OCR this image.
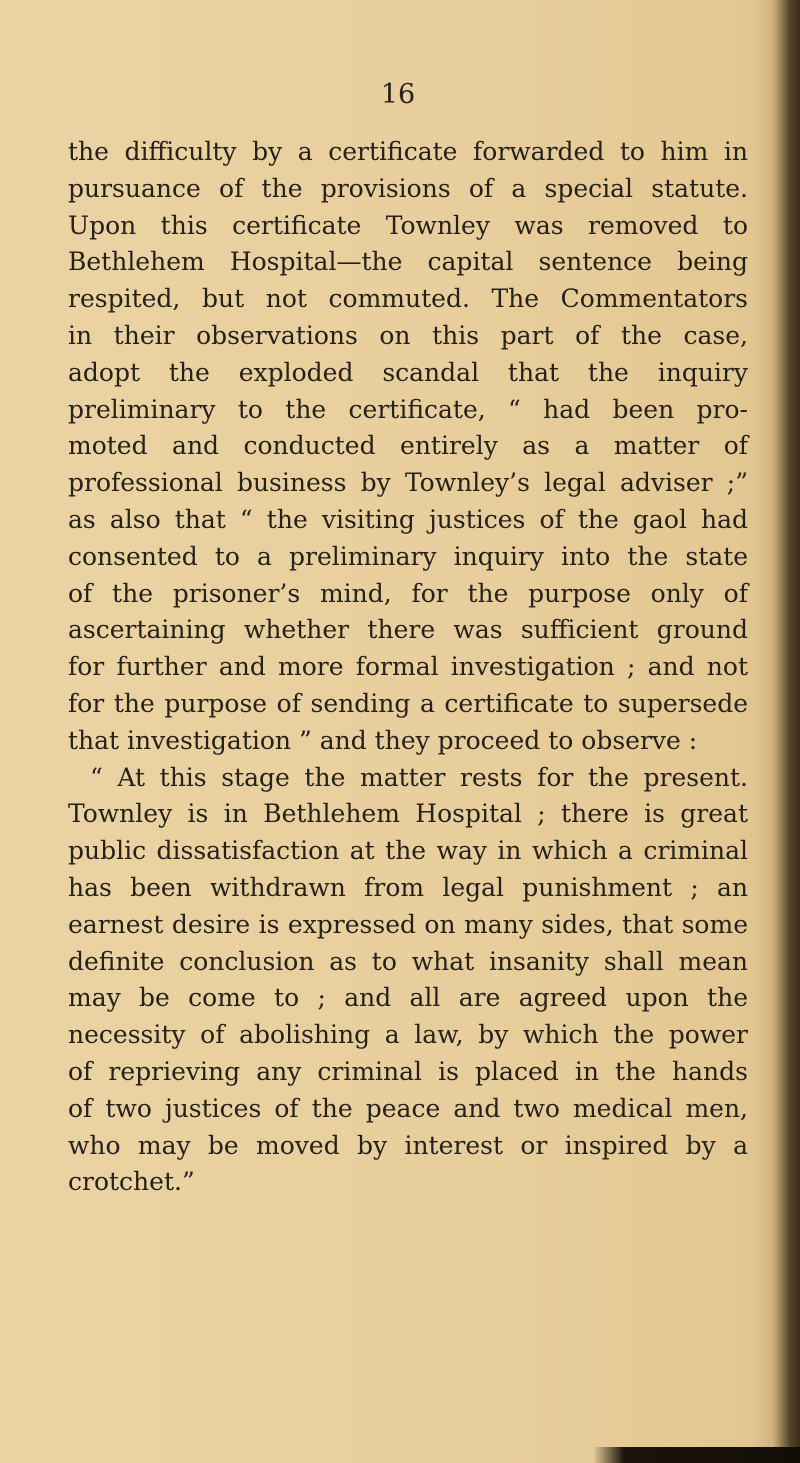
16
the difficulty by a certificate forwarded to him in
pursuance of the provisions of a special statute.
Upon this certificate Townley was removed to
Bethlehem Hospital—the capital sentence being
respited, but not commuted. The Commentators
in their observations on this part of the case,
adopt the exploded scandal that the inquiry
preliminary to the certificate, “ had been pro-
moted and conducted entirely as a matter of
professional business by Townley’s legal adviser ;”
as also that “ the visiting justices of the gaol had
consented to a preliminary inquiry into the state
of the prisoner’s mind, for the purpose only of
ascertaining whether there was sufficient ground
for further and more formal investigation ; and not
for the purpose of sending a certificate to supersede
that investigation ” and they proceed to observe :
“ At this stage the matter rests for the present.
Townley is in Bethlehem Hospital ; there is great
public dissatisfaction at the way in which a criminal
has been withdrawn from legal punishment ; an
earnest desire is expressed on many sides, that some
definite conclusion as to what insanity shall mean
may be come to ; and all are agreed upon the
necessity of abolishing a law, by which the power
of reprieving any criminal is placed in the hands
of two justices of the peace and two medical men,
who may be moved by interest or inspired by a
crotchet.”
